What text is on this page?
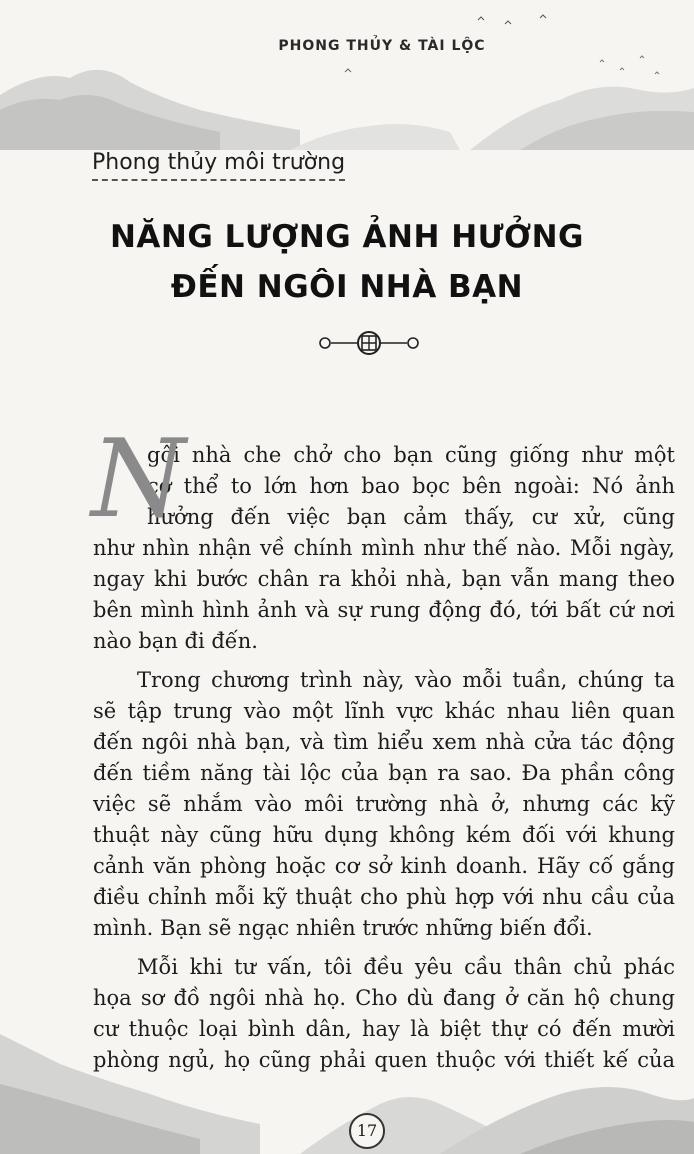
PHONG THỦY & TÀI LỘC
Phong thủy môi trường
NĂNG LƯỢNG ẢNH HƯỞNG
ĐẾN NGÔI NHÀ BẠN
N
gôi nhà che chở cho bạn cũng giống như một
cơ thể to lớn hơn bao bọc bên ngoài: Nó ảnh
hưởng đến việc bạn cảm thấy, cư xử, cũng
như nhìn nhận về chính mình như thế nào. Mỗi ngày,
ngay khi bước chân ra khỏi nhà, bạn vẫn mang theo
bên mình hình ảnh và sự rung động đó, tới bất cứ nơi
nào bạn đi đến.
Trong chương trình này, vào mỗi tuần, chúng ta
sẽ tập trung vào một lĩnh vực khác nhau liên quan
đến ngôi nhà bạn, và tìm hiểu xem nhà cửa tác động
đến tiềm năng tài lộc của bạn ra sao. Đa phần công
việc sẽ nhắm vào môi trường nhà ở, nhưng các kỹ
thuật này cũng hữu dụng không kém đối với khung
cảnh văn phòng hoặc cơ sở kinh doanh. Hãy cố gắng
điều chỉnh mỗi kỹ thuật cho phù hợp với nhu cầu của
mình. Bạn sẽ ngạc nhiên trước những biến đổi.
Mỗi khi tư vấn, tôi đều yêu cầu thân chủ phác
họa sơ đồ ngôi nhà họ. Cho dù đang ở căn hộ chung
cư thuộc loại bình dân, hay là biệt thự có đến mười
phòng ngủ, họ cũng phải quen thuộc với thiết kế của
17
